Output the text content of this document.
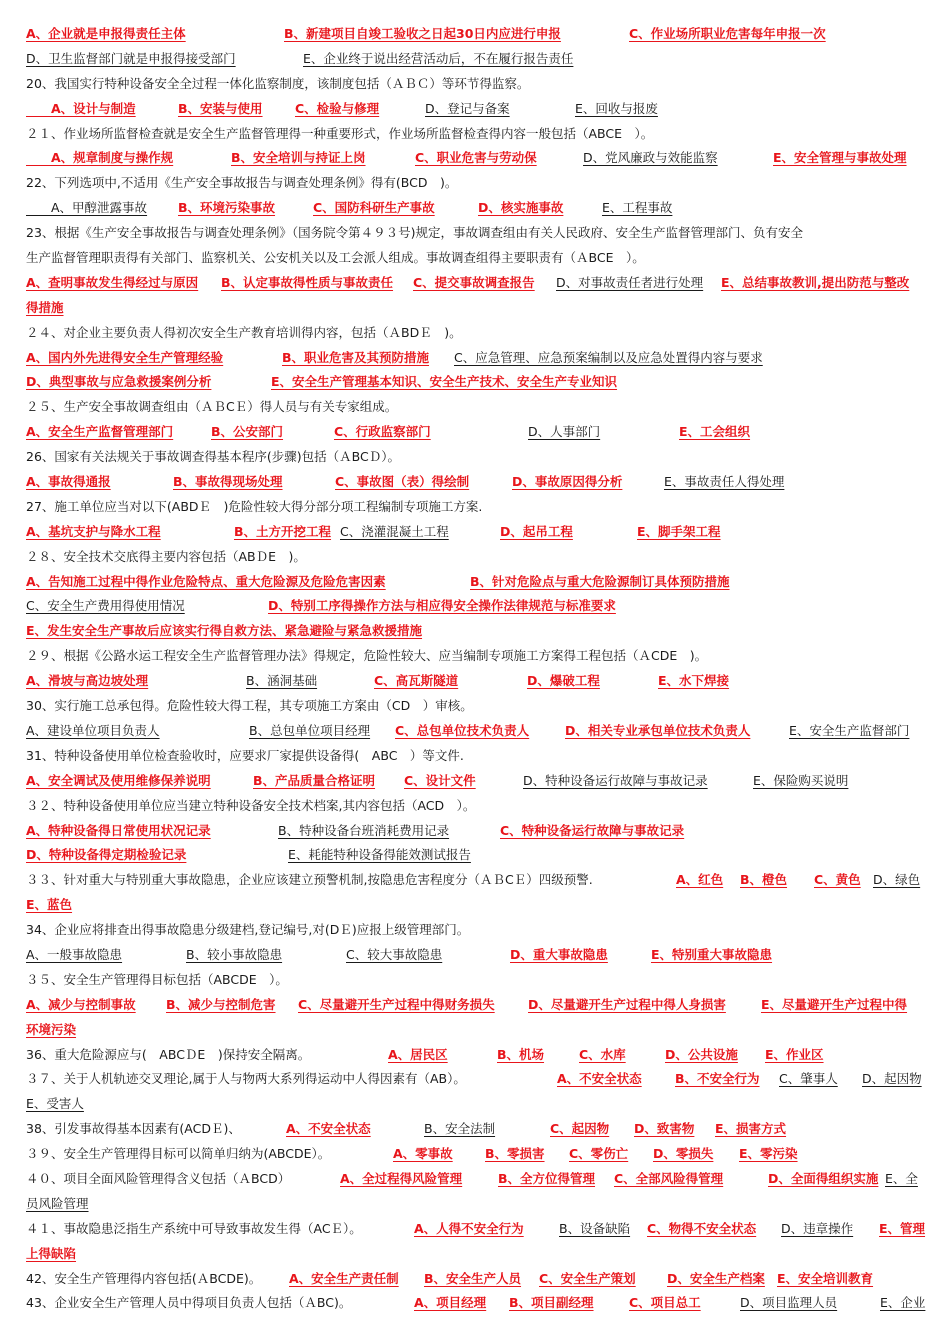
A、企业就是申报得责任主体	B、新建项目自竣工验收之日起30日内应进行申报	C、作业场所职业危害每年申报一次
D、卫生监督部门就是申报得接受部门	E、企业终于说出经营活动后，不在履行报告责任
20、我国实行特种设备安全全过程一体化监察制度，该制度包括（ＡＢＣ）等环节得监察。
　　A、设计与制造	B、安装与使用	C、检验与修理	D、登记与备案	E、回收与报废
２１、作业场所监督检查就是安全生产监督管理得一种重要形式，作业场所监督检查得内容一般包括（ABCE　）。
　　A、规章制度与操作规	B、安全培训与持证上岗	C、职业危害与劳动保	D、党风廉政与效能监察	E、安全管理与事故处理
22、下列选项中,不适用《生产安全事故报告与调查处理条例》得有(BCD　)。
　　A、甲醇泄露事故 B、环境污染事故	C、国防科研生产事故	D、核实施事故	E、工程事故
23、根据《生产安全事故报告与调查处理条例》（国务院令第４９３号)规定，事故调查组由有关人民政府、安全生产监督管理部门、负有安全
生产监督管理职责得有关部门、监察机关、公安机关以及工会派人组成。事故调查组得主要职责有（ＡBCE　）。
A、查明事故发生得经过与原因 B、认定事故得性质与事故责任 C、提交事故调查报告 D、对事故责任者进行处理 E、总结事故教训,提出防范与整改
得措施
２４、对企业主要负责人得初次安全生产教育培训得内容，包括（ＡBDＥ　)。
A、国内外先进得安全生产管理经验	B、职业危害及其预防措施 C、应急管理、应急预案编制以及应急处置得内容与要求
D、典型事故与应急救援案例分析	E、安全生产管理基本知识、安全生产技术、安全生产专业知识
２５、生产安全事故调查组由（ＡＢCＥ）得人员与有关专家组成。
A、安全生产监督管理部门	B、公安部门	C、行政监察部门	D、人事部门	E、工会组织
26、国家有关法规关于事故调查得基本程序(步骤)包括（ＡBCＤ）。
A、事故得通报	B、事故得现场处理	C、事故图（表）得绘制	D、事故原因得分析	E、事故责任人得处理
27、施工单位应当对以下(ABDＥ　)危险性较大得分部分项工程编制专项施工方案.
A、基坑支护与降水工程	B、土方开挖工程 C、浇灌混凝土工程	D、起吊工程	E、脚手架工程
２８、安全技术交底得主要内容包括（ABＤE　)。
A、告知施工过程中得作业危险特点、重大危险源及危险危害因素	B、针对危险点与重大危险源制订具体预防措施
C、安全生产费用得使用情况	D、特别工序得操作方法与相应得安全操作法律规范与标准要求
E、发生安全生产事故后应该实行得自救方法、紧急避险与紧急救援措施
２９、根据《公路水运工程安全生产监督管理办法》得规定，危险性较大、应当编制专项施工方案得工程包括（ＡCDE　)。
A、滑坡与高边坡处理	B、涵洞基础	C、高瓦斯隧道	D、爆破工程	E、水下焊接
30、实行施工总承包得。危险性较大得工程，其专项施工方案由（CD　）审核。
A、建设单位项目负责人	B、总包单位项目经理 C、总包单位技术负责人	D、相关专业承包单位技术负责人	E、安全生产监督部门
31、特种设备使用单位检查验收时，应要求厂家提供设备得(　ABC　）等文件.
A、安全调试及使用维修保养说明	B、产品质量合格证明 C、设计文件	D、特种设备运行故障与事故记录	E、保险购买说明
３２、特种设备使用单位应当建立特种设备安全技术档案,其内容包括（ACD　）。
A、特种设备得日常使用状况记录	B、特种设备台班消耗费用记录	C、特种设备运行故障与事故记录
D、特种设备得定期检验记录	E、耗能特种设备得能效测试报告
３３、针对重大与特别重大事故隐患，企业应该建立预警机制,按隐患危害程度分（ＡＢCＥ）四级预警.	A、红色 B、橙色 C、黄色 D、绿色
E、蓝色
34、企业应将排查出得事故隐患分级建档,登记编号,对(DＥ)应报上级管理部门。
A、一般事故隐患	B、较小事故隐患	C、较大事故隐患	D、重大事故隐患	E、特别重大事故隐患
３５、安全生产管理得目标包括（ABCDE　）。
A、减少与控制事故 B、减少与控制危害 C、尽量避开生产过程中得财务损失	D、尽量避开生产过程中得人身损害	E、尽量避开生产过程中得
环境污染
36、重大危险源应与(　ABCＤE　)保持安全隔离。	A、居民区	B、机场	C、水库	D、公共设施 E、作业区
３７、关于人机轨迹交叉理论,属于人与物两大系列得运动中人得因素有（AB）。	A、不安全状态	B、不安全行为 C、肇事人 D、起因物
E、受害人
38、引发事故得基本因素有(ACDＥ)、	A、不安全状态	B、安全法制	C、起因物 D、致害物 E、损害方式
３９、安全生产管理得目标可以简单归纳为(ABCDE）。	A、零事故	B、零损害 C、零伤亡 D、零损失 E、零污染
４０、项目全面风险管理得含义包括（ＡBCD）	A、全过程得风险管理	B、全方位得管理 C、全部风险得管理	D、全面得组织实施 E、全
员风险管理
４１、事故隐患泛指生产系统中可导致事故发生得（ACＥ）。	A、人得不安全行为	B、设备缺陷 C、物得不安全状态 D、违章操作 E、管理
上得缺陷
42、安全生产管理得内容包括(ＡBCDE)。 A、安全生产责任制 B、安全生产人员 C、安全生产策划	D、安全生产档案 E、安全培训教育
43、企业安全生产管理人员中得项目负责人包括（ＡBC)。	A、项目经理 B、项目副经理	C、项目总工	D、项目监理人员	E、企业
